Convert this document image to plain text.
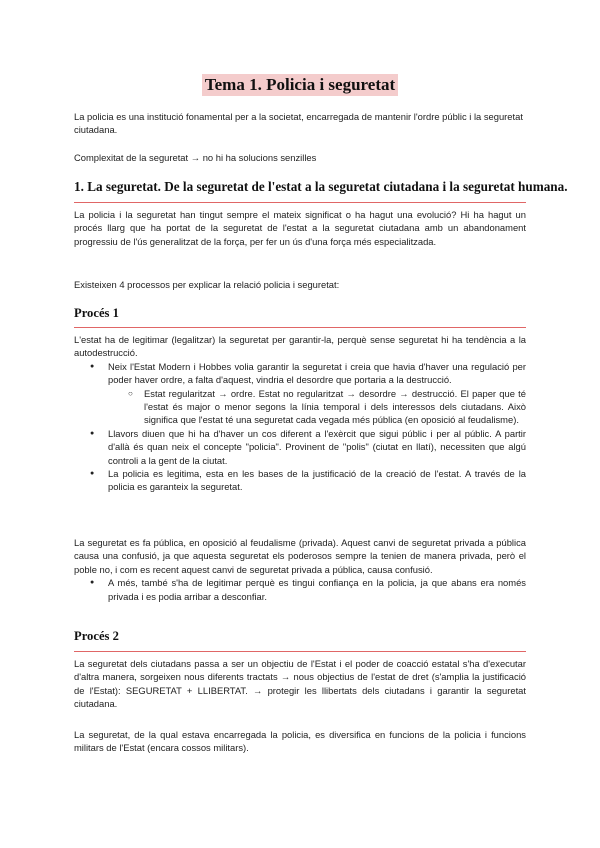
Tema 1. Policia i seguretat
La policia es una institució fonamental per a la societat, encarregada de mantenir l'ordre públic i la seguretat ciutadana.
Complexitat de la seguretat → no hi ha solucions senzilles
1. La seguretat. De la seguretat de l'estat a la seguretat ciutadana i la seguretat humana.
La policia i la seguretat han tingut sempre el mateix significat o ha hagut una evolució? Hi ha hagut un procés llarg que ha portat de la seguretat de l'estat a la seguretat ciutadana amb un abandonament progressiu de l'ús generalitzat de la força, per fer un ús d'una força més especialitzada.
Existeixen 4 processos per explicar la relació policia i seguretat:
Procés 1
L'estat ha de legitimar (legalitzar) la seguretat per garantir-la, perquè sense seguretat hi ha tendència a la autodestrucció.
● Neix l'Estat Modern i Hobbes volia garantir la seguretat i creia que havia d'haver una regulació per poder haver ordre, a falta d'aquest, vindria el desordre que portaria a la destrucció.
○ Estat regularitzat → ordre. Estat no regularitzat → desordre → destrucció. El paper que té l'estat és major o menor segons la línia temporal i dels interessos dels ciutadans. Això significa que l'estat té una seguretat cada vegada més pública (en oposició al feudalisme).
● Llavors diuen que hi ha d'haver un cos diferent a l'exèrcit que sigui públic i per al públic. A partir d'allà és quan neix el concepte "policia". Provinent de "polis" (ciutat en llatí), necessiten que algú controli a la gent de la ciutat.
● La policia es legitima, esta en les bases de la justificació de la creació de l'estat. A través de la policia es garanteix la seguretat.
La seguretat es fa pública, en oposició al feudalisme (privada). Aquest canvi de seguretat privada a pública causa una confusió, ja que aquesta seguretat els poderosos sempre la tenien de manera privada, però el poble no, i com es recent aquest canvi de seguretat privada a pública, causa confusió.
● A més, també s'ha de legitimar perquè es tingui confiança en la policia, ja que abans era només privada i es podia arribar a desconfiar.
Procés 2
La seguretat dels ciutadans passa a ser un objectiu de l'Estat i el poder de coacció estatal s'ha d'executar d'altra manera, sorgeixen nous diferents tractats → nous objectius de l'estat de dret (s'amplia la justificació de l'Estat): SEGURETAT + LLIBERTAT. → protegir les llibertats dels ciutadans i garantir la seguretat ciutadana.
La seguretat, de la qual estava encarregada la policia, es diversifica en funcions de la policia i funcions militars de l'Estat (encara cossos militars).
